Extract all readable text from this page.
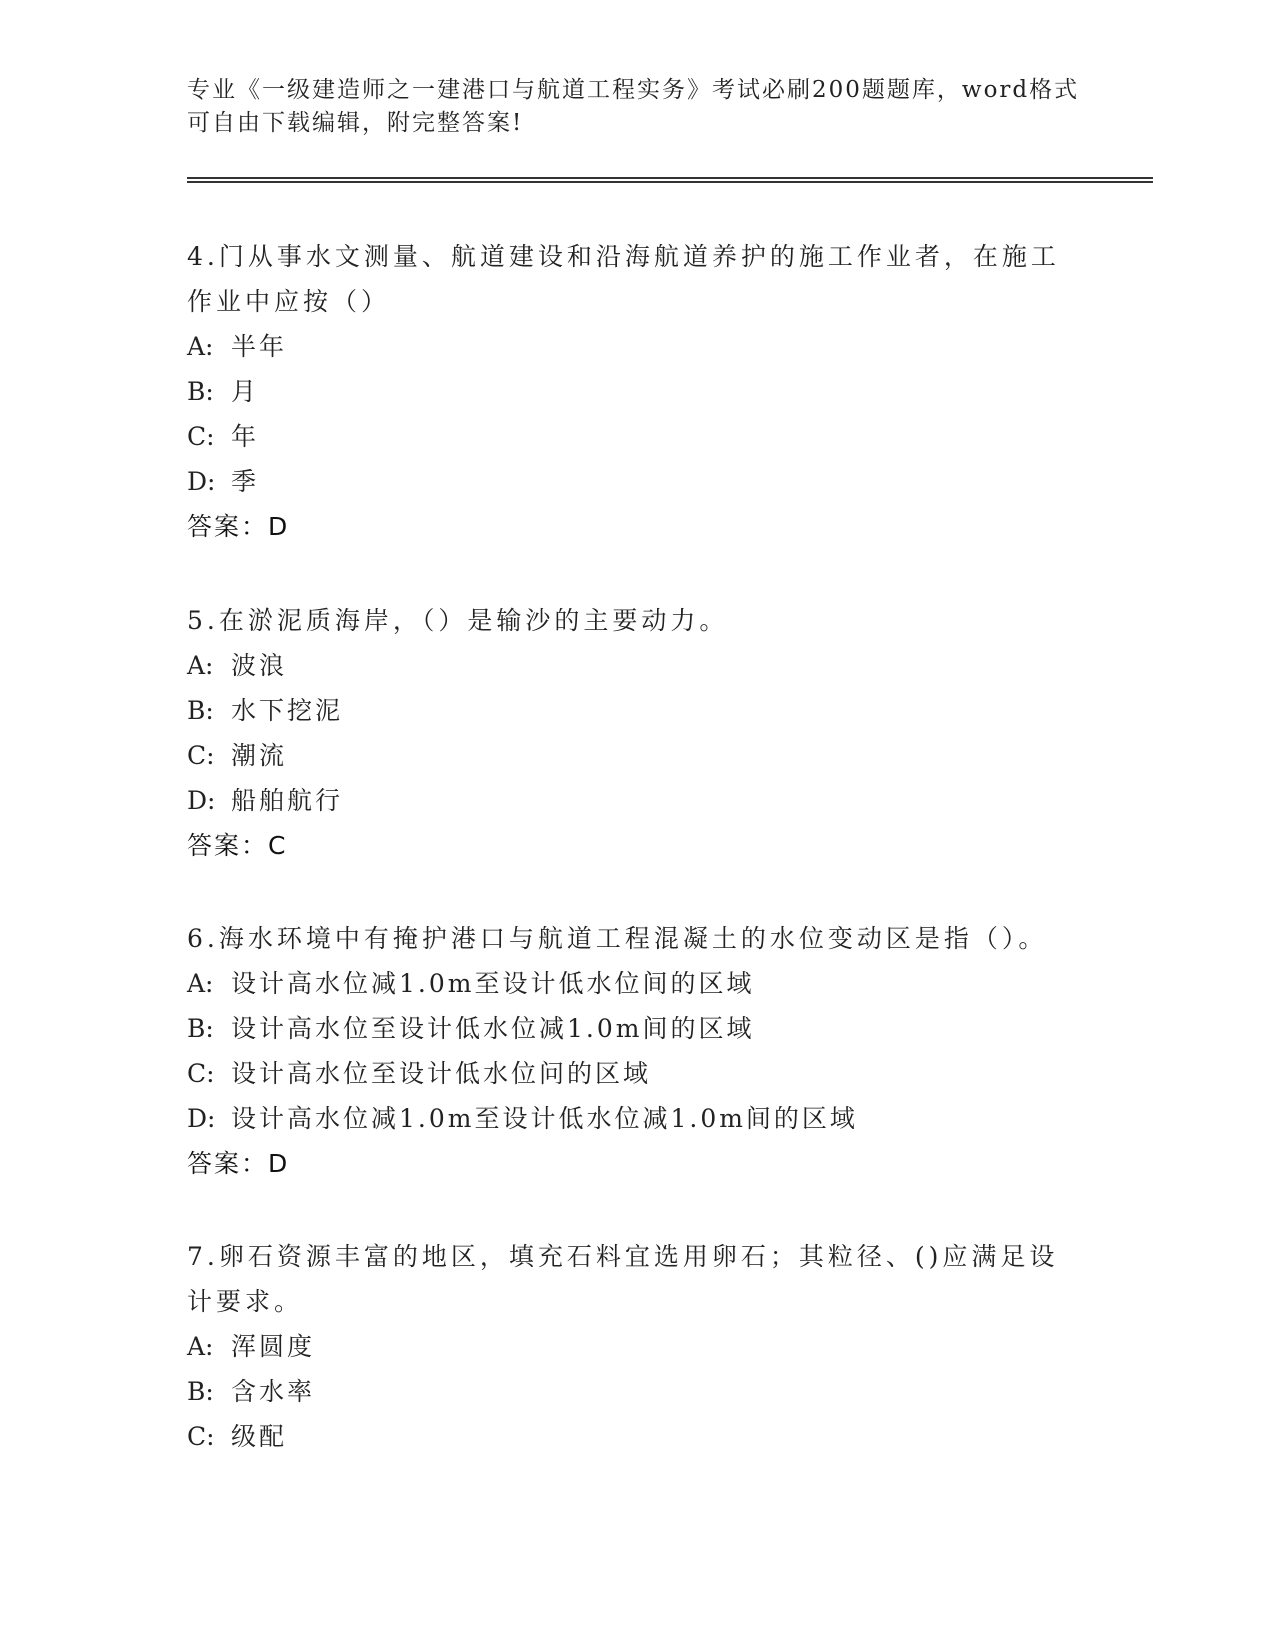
专业《一级建造师之一建港口与航道工程实务》考试必刷200题题库，word格式
可自由下载编辑，附完整答案!

4.门从事水文测量、航道建设和沿海航道养护的施工作业者，在施工作业中应按（）

A: 半年

B: 月

C: 年

D: 季

答案：D

5.在淤泥质海岸，（）是输沙的主要动力。

A: 波浪

B: 水下挖泥

C: 潮流

D: 船舶航行

答案：C

6.海水环境中有掩护港口与航道工程混凝土的水位变动区是指（）。

A: 设计高水位减1.0m至设计低水位间的区域

B: 设计高水位至设计低水位减1.0m间的区域

C: 设计高水位至设计低水位问的区域

D: 设计高水位减1.0m至设计低水位减1.0m间的区域

答案：D

7.卵石资源丰富的地区，填充石料宜选用卵石；其粒径、()应满足设计要求。

A: 浑圆度

B: 含水率

C: 级配
